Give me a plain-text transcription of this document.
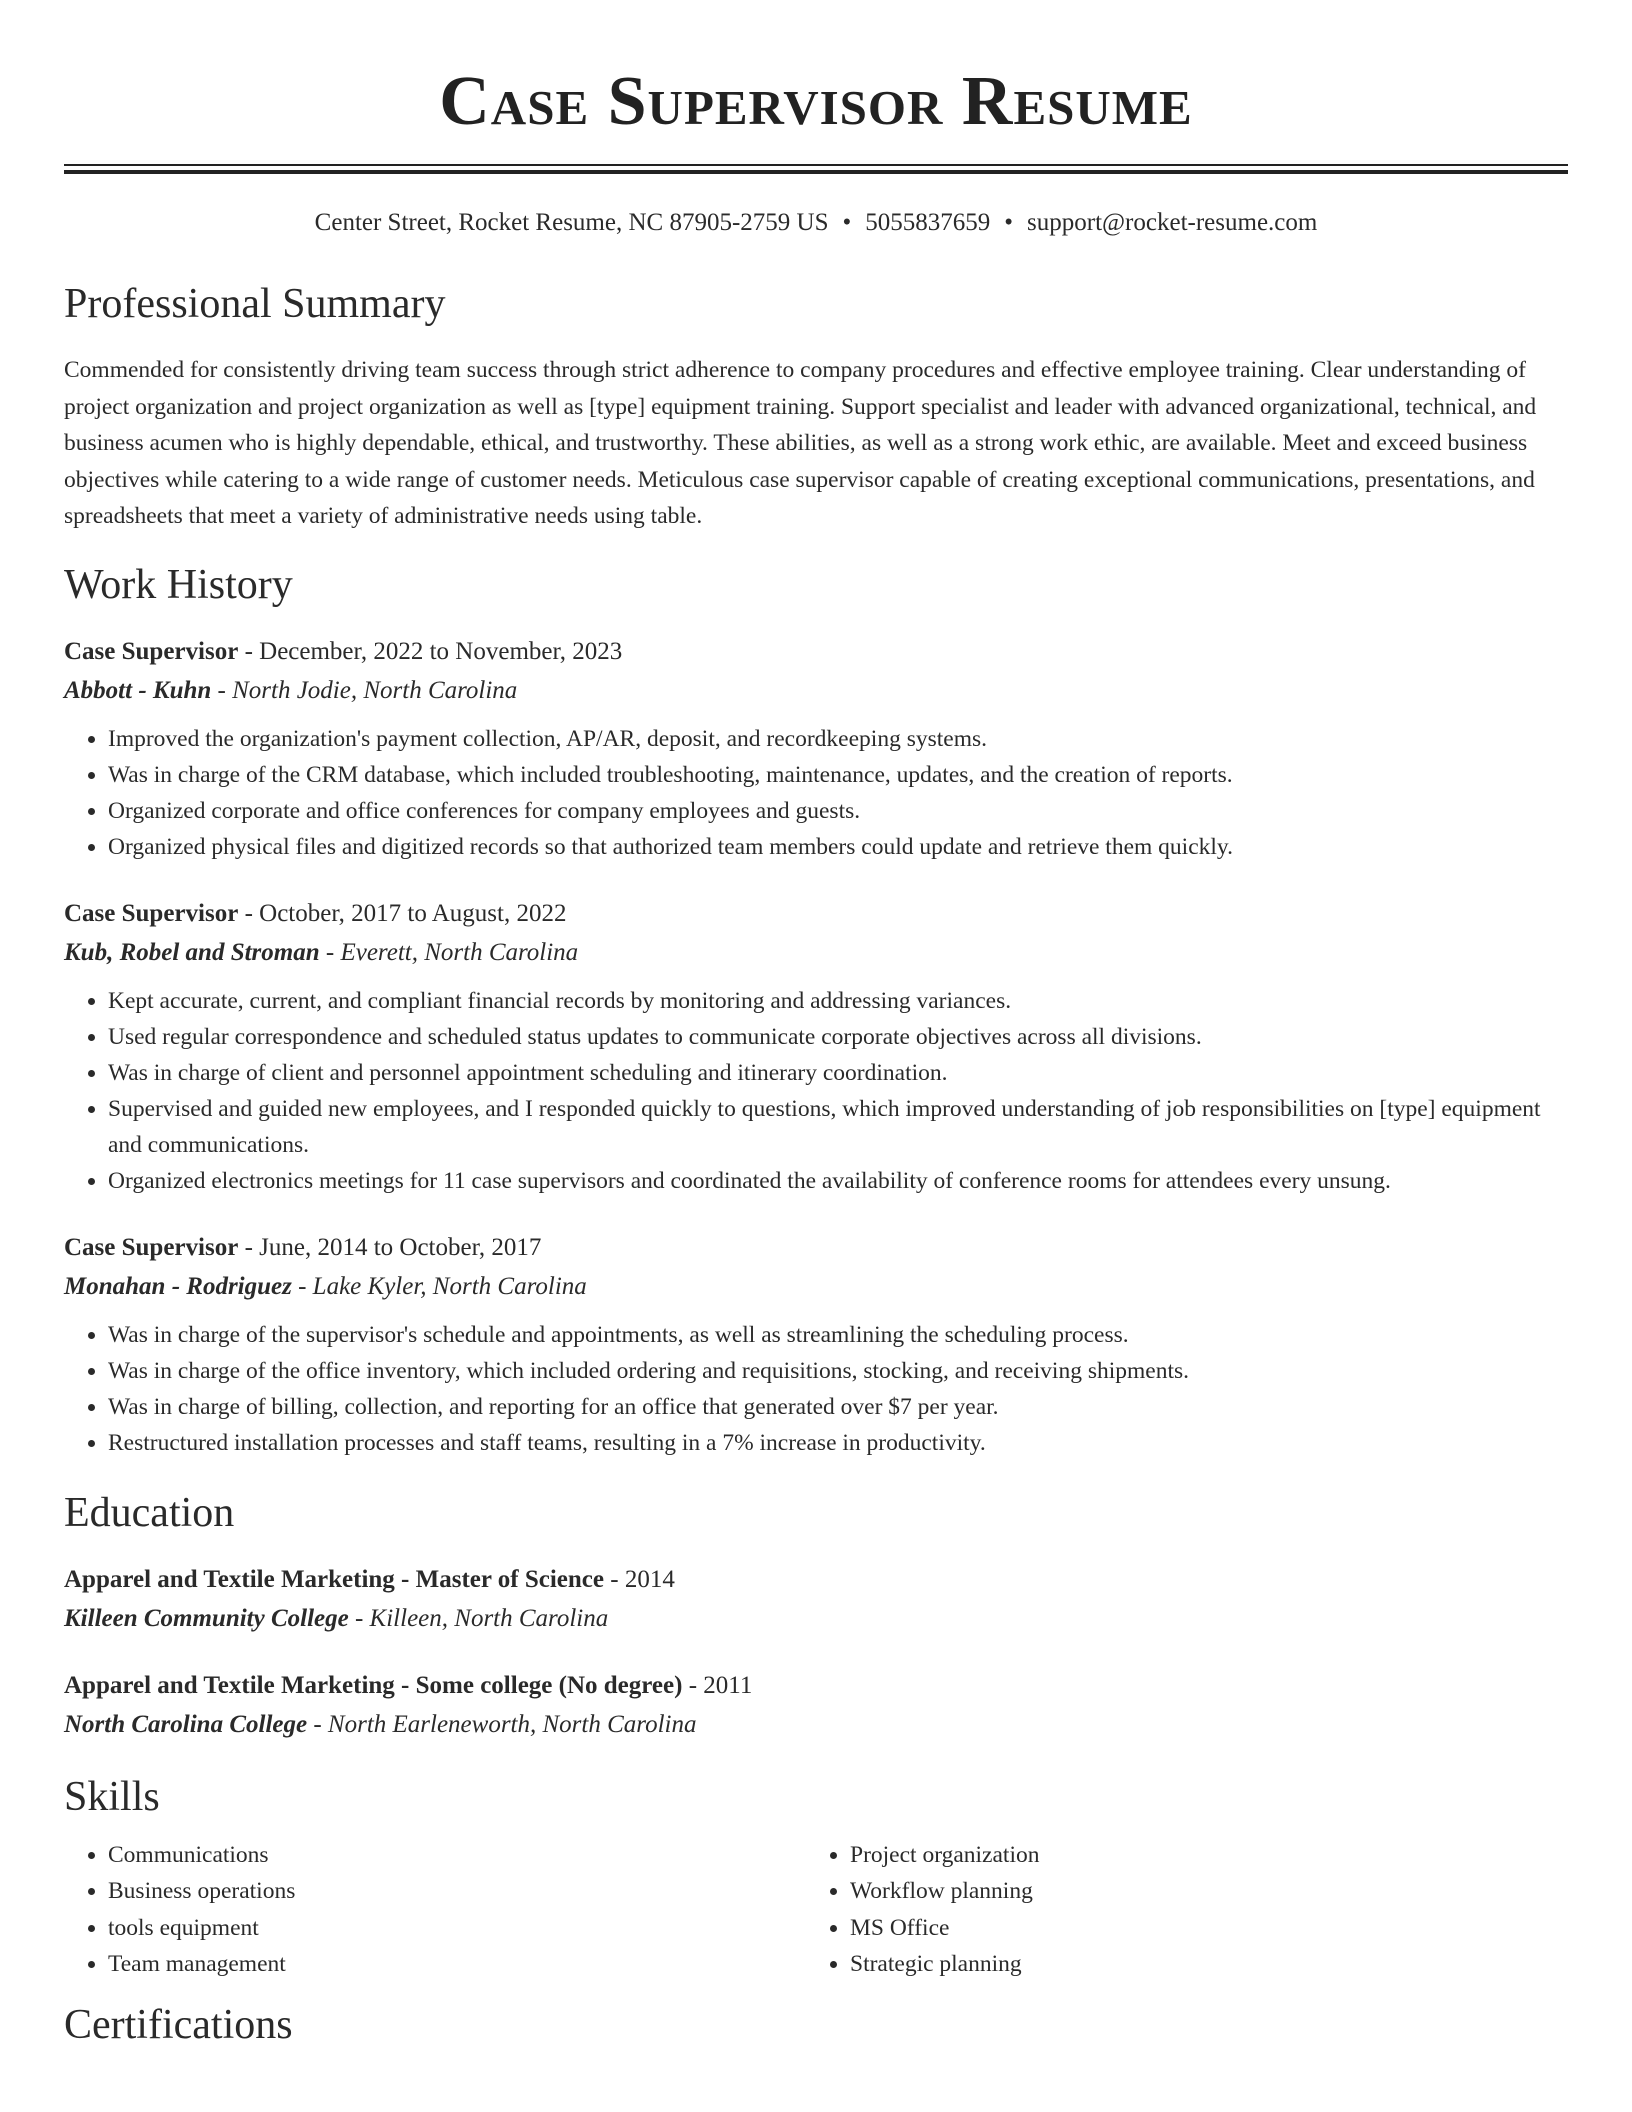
Case Supervisor Resume
Center Street, Rocket Resume, NC 87905-2759 US • 5055837659 • support@rocket-resume.com
Professional Summary

Commended for consistently driving team success through strict adherence to company procedures and effective employee training. Clear understanding of project organization and project organization as well as [type] equipment training. Support specialist and leader with advanced organizational, technical, and business acumen who is highly dependable, ethical, and trustworthy. These abilities, as well as a strong work ethic, are available. Meet and exceed business objectives while catering to a wide range of customer needs. Meticulous case supervisor capable of creating exceptional communications, presentations, and spreadsheets that meet a variety of administrative needs using table.

Work History
Case Supervisor - December, 2022 to November, 2023
Abbott - Kuhn - North Jodie, North Carolina
• Improved the organization's payment collection, AP/AR, deposit, and recordkeeping systems.
• Was in charge of the CRM database, which included troubleshooting, maintenance, updates, and the creation of reports.
• Organized corporate and office conferences for company employees and guests.
• Organized physical files and digitized records so that authorized team members could update and retrieve them quickly.
Case Supervisor - October, 2017 to August, 2022
Kub, Robel and Stroman - Everett, North Carolina
• Kept accurate, current, and compliant financial records by monitoring and addressing variances.
• Used regular correspondence and scheduled status updates to communicate corporate objectives across all divisions.
• Was in charge of client and personnel appointment scheduling and itinerary coordination.
• Supervised and guided new employees, and I responded quickly to questions, which improved understanding of job responsibilities on [type] equipment and communications.
• Organized electronics meetings for 11 case supervisors and coordinated the availability of conference rooms for attendees every unsung.
Case Supervisor - June, 2014 to October, 2017
Monahan - Rodriguez - Lake Kyler, North Carolina
• Was in charge of the supervisor's schedule and appointments, as well as streamlining the scheduling process.
• Was in charge of the office inventory, which included ordering and requisitions, stocking, and receiving shipments.
• Was in charge of billing, collection, and reporting for an office that generated over $7 per year.
• Restructured installation processes and staff teams, resulting in a 7% increase in productivity.
Education
Apparel and Textile Marketing - Master of Science - 2014
Killeen Community College - Killeen, North Carolina
Apparel and Textile Marketing - Some college (No degree) - 2011
North Carolina College - North Earleneworth, North Carolina
Skills
• Communications
• Business operations
• tools equipment
• Team management
• Project organization
• Workflow planning
• MS Office
• Strategic planning
Certifications
